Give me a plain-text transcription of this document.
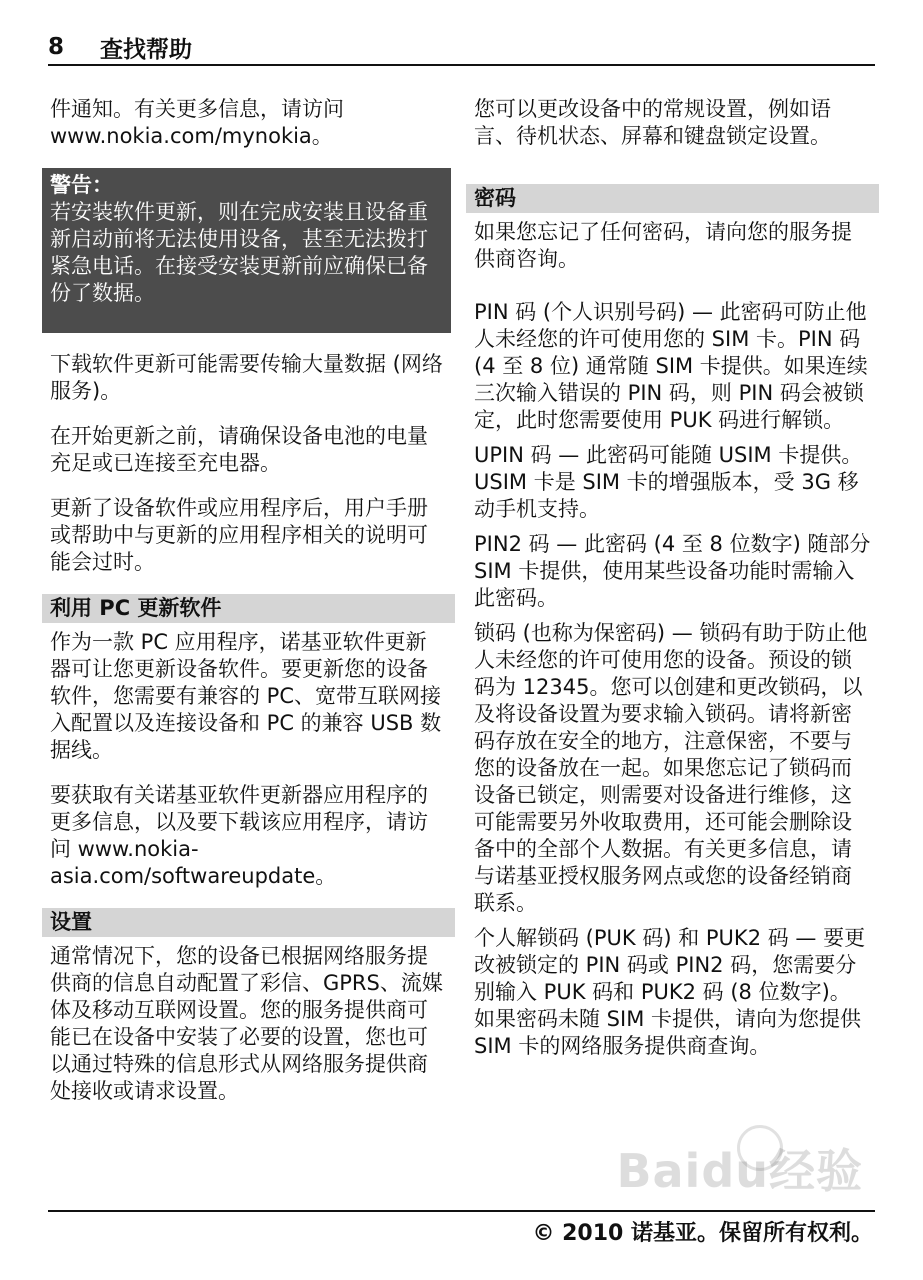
8	查找帮助

件通知。有关更多信息，请访问 www.nokia.com/mynokia。

警告：
若安装软件更新，则在完成安装且设备重新启动前将无法使用设备，甚至无法拨打紧急电话。在接受安装更新前应确保已备份了数据。

下载软件更新可能需要传输大量数据 (网络服务)。

在开始更新之前，请确保设备电池的电量充足或已连接至充电器。

更新了设备软件或应用程序后，用户手册或帮助中与更新的应用程序相关的说明可能会过时。

利用 PC 更新软件

作为一款 PC 应用程序，诺基亚软件更新器可让您更新设备软件。要更新您的设备软件，您需要有兼容的 PC、宽带互联网接入配置以及连接设备和 PC 的兼容 USB 数据线。

要获取有关诺基亚软件更新器应用程序的更多信息，以及要下载该应用程序，请访问 www.nokia-asia.com/softwareupdate。

设置

通常情况下，您的设备已根据网络服务提供商的信息自动配置了彩信、GPRS、流媒体及移动互联网设置。您的服务提供商可能已在设备中安装了必要的设置，您也可以通过特殊的信息形式从网络服务提供商处接收或请求设置。

您可以更改设备中的常规设置，例如语言、待机状态、屏幕和键盘锁定设置。

密码

如果您忘记了任何密码，请向您的服务提供商咨询。

PIN 码 (个人识别号码) — 此密码可防止他人未经您的许可使用您的 SIM 卡。PIN 码 (4 至 8 位) 通常随 SIM 卡提供。如果连续三次输入错误的 PIN 码，则 PIN 码会被锁定，此时您需要使用 PUK 码进行解锁。

UPIN 码 — 此密码可能随 USIM 卡提供。USIM 卡是 SIM 卡的增强版本，受 3G 移动手机支持。

PIN2 码 — 此密码 (4 至 8 位数字) 随部分 SIM 卡提供，使用某些设备功能时需输入此密码。

锁码 (也称为保密码) — 锁码有助于防止他人未经您的许可使用您的设备。预设的锁码为 12345。您可以创建和更改锁码，以及将设备设置为要求输入锁码。请将新密码存放在安全的地方，注意保密，不要与您的设备放在一起。如果您忘记了锁码而设备已锁定，则需要对设备进行维修，这可能需要另外收取费用，还可能会删除设备中的全部个人数据。有关更多信息，请与诺基亚授权服务网点或您的设备经销商联系。

个人解锁码 (PUK 码) 和 PUK2 码 — 要更改被锁定的 PIN 码或 PIN2 码，您需要分别输入 PUK 码和 PUK2 码 (8 位数字)。如果密码未随 SIM 卡提供，请向为您提供 SIM 卡的网络服务提供商查询。

Baidu经验
© 2010 诺基亚。保留所有权利。
